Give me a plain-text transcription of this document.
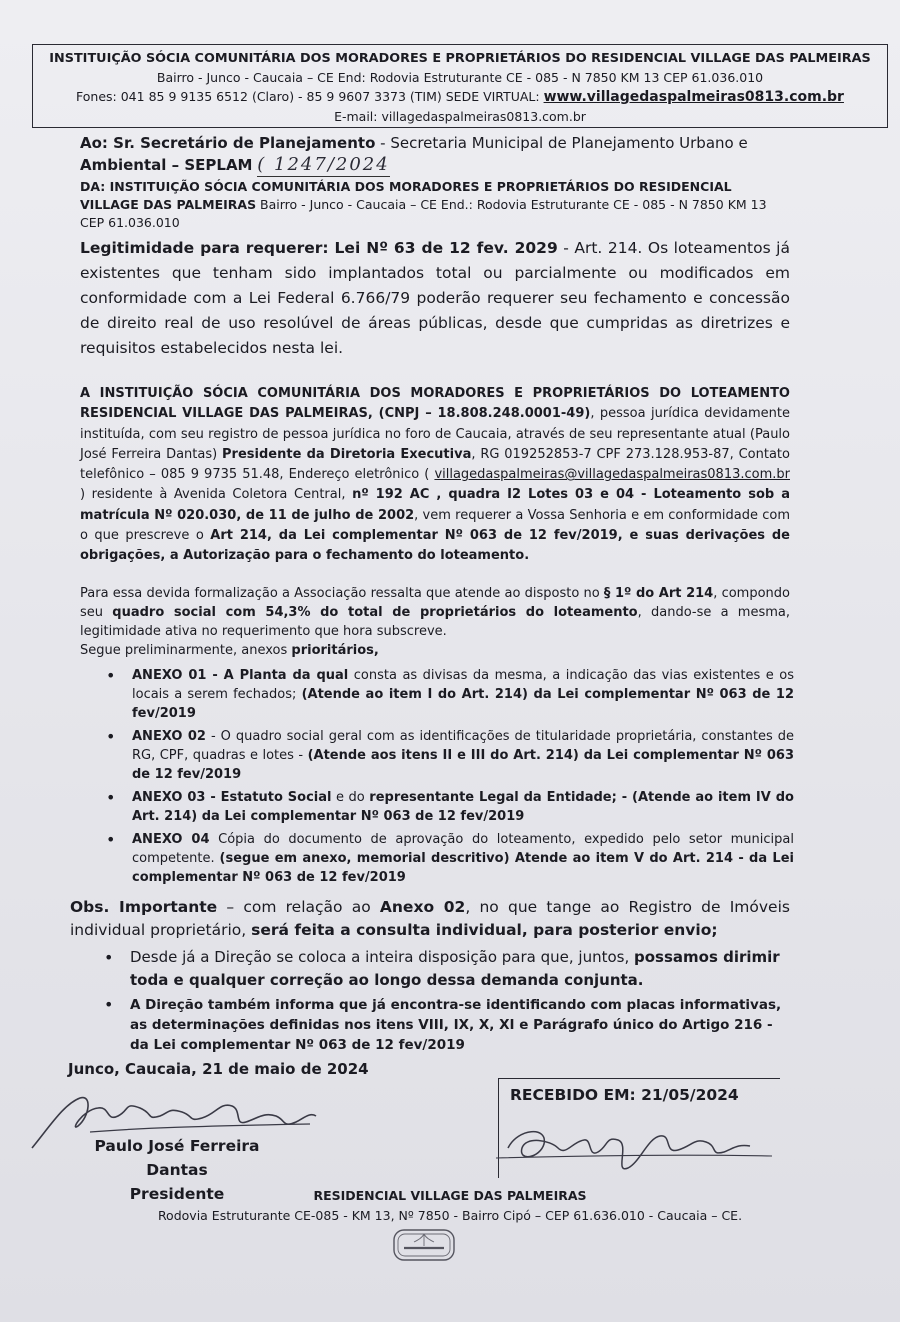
INSTITUIÇÃO SÓCIA COMUNITÁRIA DOS MORADORES E PROPRIETÁRIOS DO RESIDENCIAL VILLAGE DAS PALMEIRAS
Bairro - Junco - Caucaia – CE End: Rodovia Estruturante CE - 085 - N 7850 KM 13 CEP 61.036.010
Fones: 041 85 9 9135 6512 (Claro) - 85 9 9607 3373 (TIM) SEDE VIRTUAL: www.villagedaspalmeiras0813.com.br
E-mail: villagedaspalmeiras0813.com.br
Ao: Sr. Secretário de Planejamento - Secretaria Municipal de Planejamento Urbano e
Ambiental – SEPLAM ( 1247/2024
DA: INSTITUIÇÃO SÓCIA COMUNITÁRIA DOS MORADORES E PROPRIETÁRIOS DO RESIDENCIAL VILLAGE DAS PALMEIRAS Bairro - Junco - Caucaia – CE End.: Rodovia Estruturante CE - 085 - N 7850 KM 13 CEP 61.036.010
Legitimidade para requerer: Lei Nº 63 de 12 fev. 2029 - Art. 214. Os loteamentos já existentes que tenham sido implantados total ou parcialmente ou modificados em conformidade com a Lei Federal 6.766/79 poderão requerer seu fechamento e concessão de direito real de uso resolúvel de áreas públicas, desde que cumpridas as diretrizes e requisitos estabelecidos nesta lei.
A INSTITUIÇÃO SÓCIA COMUNITÁRIA DOS MORADORES E PROPRIETÁRIOS DO LOTEAMENTO RESIDENCIAL VILLAGE DAS PALMEIRAS, (CNPJ – 18.808.248.0001-49), pessoa jurídica devidamente instituída, com seu registro de pessoa jurídica no foro de Caucaia, através de seu representante atual (Paulo José Ferreira Dantas) Presidente da Diretoria Executiva, RG 019252853-7 CPF 273.128.953-87, Contato telefônico – 085 9 9735 51.48, Endereço eletrônico ( villagedaspalmeiras@villagedaspalmeiras0813.com.br ) residente à Avenida Coletora Central, nº 192 AC , quadra I2 Lotes 03 e 04 - Loteamento sob a matrícula Nº 020.030, de 11 de julho de 2002, vem requerer a Vossa Senhoria e em conformidade com o que prescreve o Art 214, da Lei complementar Nº 063 de 12 fev/2019, e suas derivações de obrigações, a Autorização para o fechamento do loteamento.
Para essa devida formalização a Associação ressalta que atende ao disposto no § 1º do Art 214, compondo seu quadro social com 54,3% do total de proprietários do loteamento, dando-se a mesma, legitimidade ativa no requerimento que hora subscreve.
Segue preliminarmente, anexos prioritários,
• ANEXO 01 - A Planta da qual consta as divisas da mesma, a indicação das vias existentes e os locais a serem fechados; (Atende ao item I do Art. 214) da Lei complementar Nº 063 de 12 fev/2019
• ANEXO 02 - O quadro social geral com as identificações de titularidade proprietária, constantes de RG, CPF, quadras e lotes - (Atende aos itens II e III do Art. 214) da Lei complementar Nº 063 de 12 fev/2019
• ANEXO 03 - Estatuto Social e do representante Legal da Entidade; - (Atende ao item IV do Art. 214) da Lei complementar Nº 063 de 12 fev/2019
• ANEXO 04 Cópia do documento de aprovação do loteamento, expedido pelo setor municipal competente. (segue em anexo, memorial descritivo) Atende ao item V do Art. 214 - da Lei complementar Nº 063 de 12 fev/2019
Obs. Importante – com relação ao Anexo 02, no que tange ao Registro de Imóveis individual proprietário, será feita a consulta individual, para posterior envio;
• Desde já a Direção se coloca a inteira disposição para que, juntos, possamos dirimir toda e qualquer correção ao longo dessa demanda conjunta.
• A Direção também informa que já encontra-se identificando com placas informativas, as determinações definidas nos itens VIII, IX, X, XI e Parágrafo único do Artigo 216 - da Lei complementar Nº 063 de 12 fev/2019
Junco, Caucaia, 21 de maio de 2024
Paulo José Ferreira Dantas
Presidente
RECEBIDO EM: 21/05/2024
RESIDENCIAL VILLAGE DAS PALMEIRAS
Rodovia Estruturante CE-085 - KM 13, Nº 7850 - Bairro Cipó – CEP 61.636.010 - Caucaia – CE.
